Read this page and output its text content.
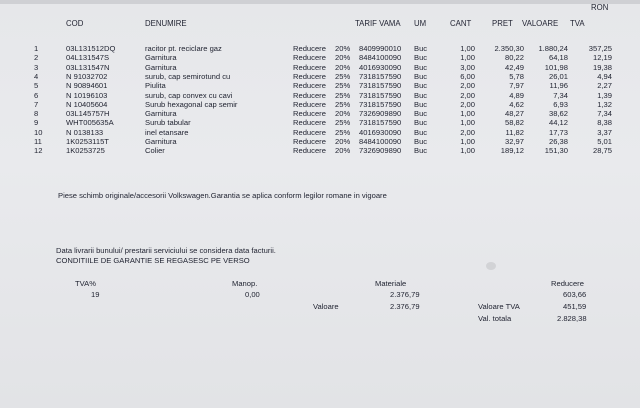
RON
COD	DENUMIRE	TARIF VAMA UM	CANT	PRET VALOARE TVA
1	03L131512DQ	racitor pt. reciclare gaz	Reducere	20%	8409990010	Buc	1,00	2.350,30	1.880,24	357,25
2	04L131547S	Garnitura	Reducere	20%	8484100090	Buc	1,00	80,22	64,18	12,19
3	03L131547N	Garnitura	Reducere	20%	4016930090	Buc	3,00	42,49	101,98	19,38
4	N 91032702	surub, cap semirotund cu	Reducere	25%	7318157590	Buc	6,00	5,78	26,01	4,94
5	N 90894601	Piulita	Reducere	25%	7318157590	Buc	2,00	7,97	11,96	2,27
6	N 10196103	surub, cap convex cu cavi	Reducere	25%	7318157590	Buc	2,00	4,89	7,34	1,39
7	N 10405604	Surub hexagonal cap semir	Reducere	25%	7318157590	Buc	2,00	4,62	6,93	1,32
8	03L145757H	Garnitura	Reducere	20%	7326909890	Buc	1,00	48,27	38,62	7,34
9	WHT005635A	Surub tabular	Reducere	25%	7318157590	Buc	1,00	58,82	44,12	8,38
10	N 0138133	inel etansare	Reducere	25%	4016930090	Buc	2,00	11,82	17,73	3,37
11	1K0253115T	Garnitura	Reducere	20%	8484100090	Buc	1,00	32,97	26,38	5,01
12	1K0253725	Colier	Reducere	20%	7326909890	Buc	1,00	189,12	151,30	28,75
Piese schimb originale/accesorii Volkswagen.Garantia se aplica conform legilor romane in vigoare
Data livrarii bunului/ prestarii serviciului se considera data facturii.
CONDITIILE DE GARANTIE SE REGASESC PE VERSO
TVA%
19
Manop.
0,00
Materiale
2.376,79
Reducere
603,66
Valoare	2.376,79	Valoare TVA	451,59
Val. totala	2.828,38
